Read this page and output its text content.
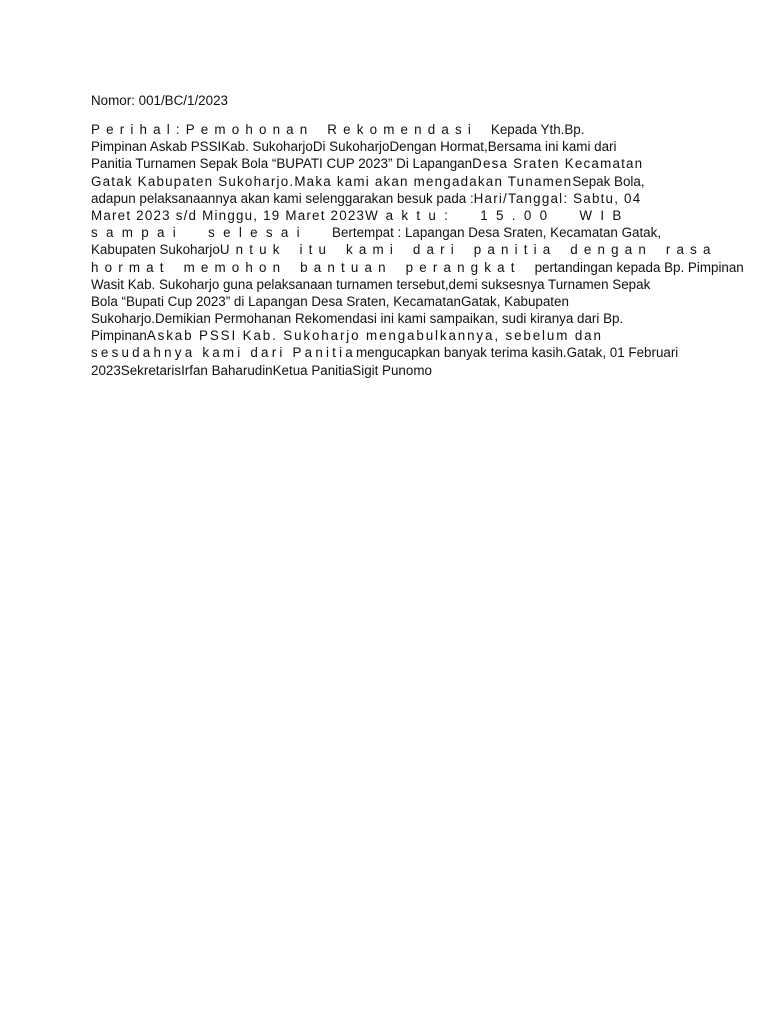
Nomor: 001/BC/1/2023
Perihal:Pemohonan Rekomendasi Kepada Yth.Bp.
Pimpinan Askab PSSIKab. SukoharjoDi SukoharjoDengan Hormat,Bersama ini kami dari
Panitia Turnamen Sepak Bola “BUPATI CUP 2023” Di LapanganDesa Sraten Kecamatan
Gatak Kabupaten Sukoharjo.Maka kami akan mengadakan TunamenSepak Bola,
adapun pelaksanaannya akan kami selenggarakan besuk pada :Hari/Tanggal: Sabtu, 04
Maret 2023 s/d Minggu, 19 Maret 2023Waktu: 15.00 WIB
sampai selesai Bertempat : Lapangan Desa Sraten, Kecamatan Gatak,
Kabupaten SukoharjoUntuk itu kami dari panitia dengan rasa
hormat memohon bantuan perangkat pertandingan kepada Bp. Pimpinan
Wasit Kab. Sukoharjo guna pelaksanaan turnamen tersebut,demi suksesnya Turnamen Sepak
Bola “Bupati Cup 2023” di Lapangan Desa Sraten, KecamatanGatak, Kabupaten
Sukoharjo.Demikian Permohanan Rekomendasi ini kami sampaikan, sudi kiranya dari Bp.
PimpinanAskab PSSI Kab. Sukoharjo mengabulkannya, sebelum dan
sesudahnya kami dari Panitiamengucapkan banyak terima kasih.Gatak, 01 Februari
2023SekretarisIrfan BaharudinKetua PanitiaSigit Punomo
